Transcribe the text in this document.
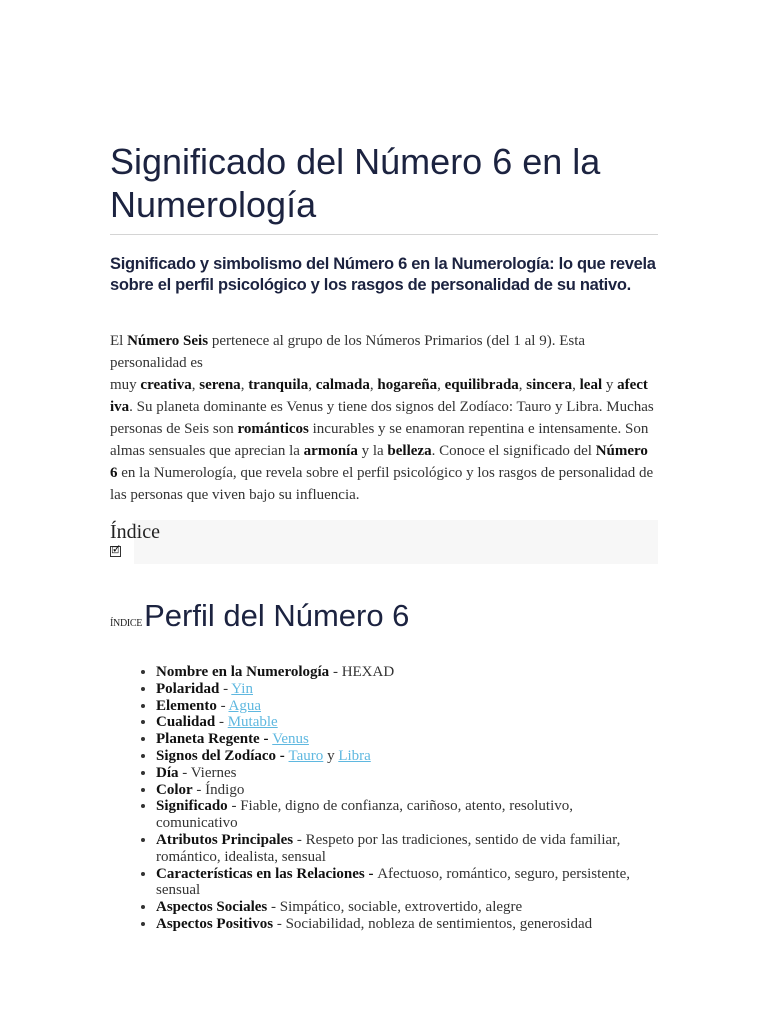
Significado del Número 6 en la Numerología
Significado y simbolismo del Número 6 en la Numerología: lo que revela sobre el perfil psicológico y los rasgos de personalidad de su nativo.

El Número Seis pertenece al grupo de los Números Primarios (del 1 al 9). Esta personalidad es
muy creativa, serena, tranquila, calmada, hogareña, equilibrada, sincera, leal y afect iva. Su planeta dominante es Venus y tiene dos signos del Zodíaco: Tauro y Libra. Muchas personas de Seis son románticos incurables y se enamoran repentina e intensamente. Son almas sensuales que aprecian la armonía y la belleza. Conoce el significado del Número 6 en la Numerología, que revela sobre el perfil psicológico y los rasgos de personalidad de las personas que viven bajo su influencia.

Índice
🗹
ÍNDICEPerfil del Número 6
• Nombre en la Numerología - HEXAD
• Polaridad - Yin
• Elemento - Agua
• Cualidad - Mutable
• Planeta Regente - Venus
• Signos del Zodíaco - Tauro y Libra
• Día - Viernes
• Color - Índigo
• Significado - Fiable, digno de confianza, cariñoso, atento, resolutivo, comunicativo
• Atributos Principales - Respeto por las tradiciones, sentido de vida familiar, romántico, idealista, sensual
• Características en las Relaciones - Afectuoso, romántico, seguro, persistente, sensual
• Aspectos Sociales - Simpático, sociable, extrovertido, alegre
• Aspectos Positivos - Sociabilidad, nobleza de sentimientos, generosidad
